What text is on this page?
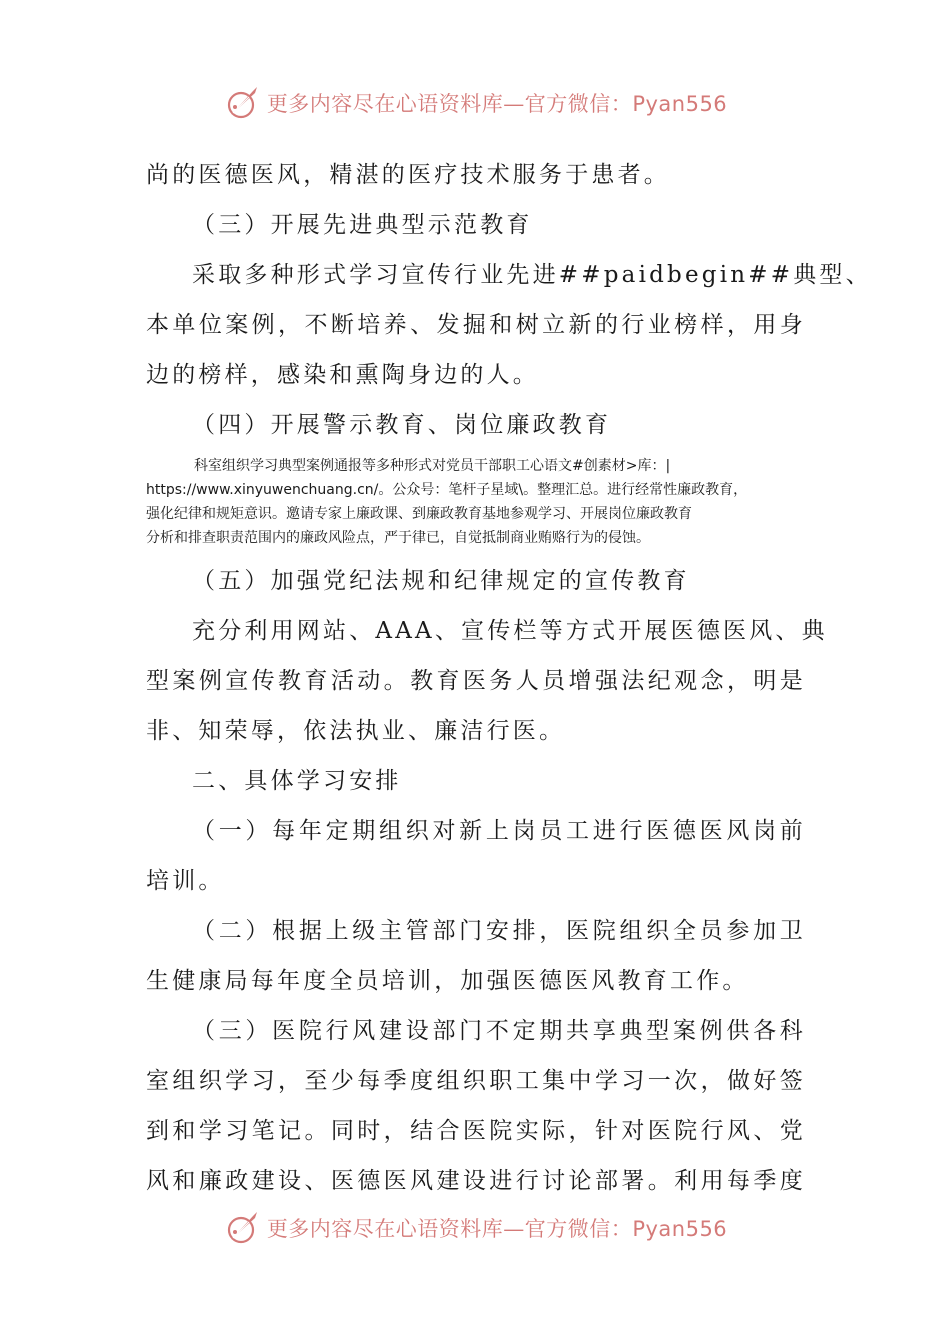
更多内容尽在心语资料库—官方微信：Pyan556

尚的医德医风，精湛的医疗技术服务于患者。

（三）开展先进典型示范教育

采取多种形式学习宣传行业先进##paidbegin##典型、

本单位案例，不断培养、发掘和树立新的行业榜样，用身

边的榜样，感染和熏陶身边的人。

（四）开展警示教育、岗位廉政教育

科室组织学习典型案例通报等多种形式对党员干部职工心语文#创素材>库：|

https://www.xinyuwenchuang.cn/。公众号：笔杆子星域\。整理汇总。进行经常性廉政教育，

强化纪律和规矩意识。邀请专家上廉政课、到廉政教育基地参观学习、开展岗位廉政教育

分析和排查职责范围内的廉政风险点，严于律已，自觉抵制商业贿赂行为的侵蚀。

（五）加强党纪法规和纪律规定的宣传教育

充分利用网站、AAA、宣传栏等方式开展医德医风、典

型案例宣传教育活动。教育医务人员增强法纪观念，明是

非、知荣辱，依法执业、廉洁行医。

二、具体学习安排

（一）每年定期组织对新上岗员工进行医德医风岗前

培训。

（二）根据上级主管部门安排，医院组织全员参加卫

生健康局每年度全员培训，加强医德医风教育工作。

（三）医院行风建设部门不定期共享典型案例供各科

室组织学习，至少每季度组织职工集中学习一次，做好签

到和学习笔记。同时，结合医院实际，针对医院行风、党

风和廉政建设、医德医风建设进行讨论部署。利用每季度

更多内容尽在心语资料库—官方微信：Pyan556
